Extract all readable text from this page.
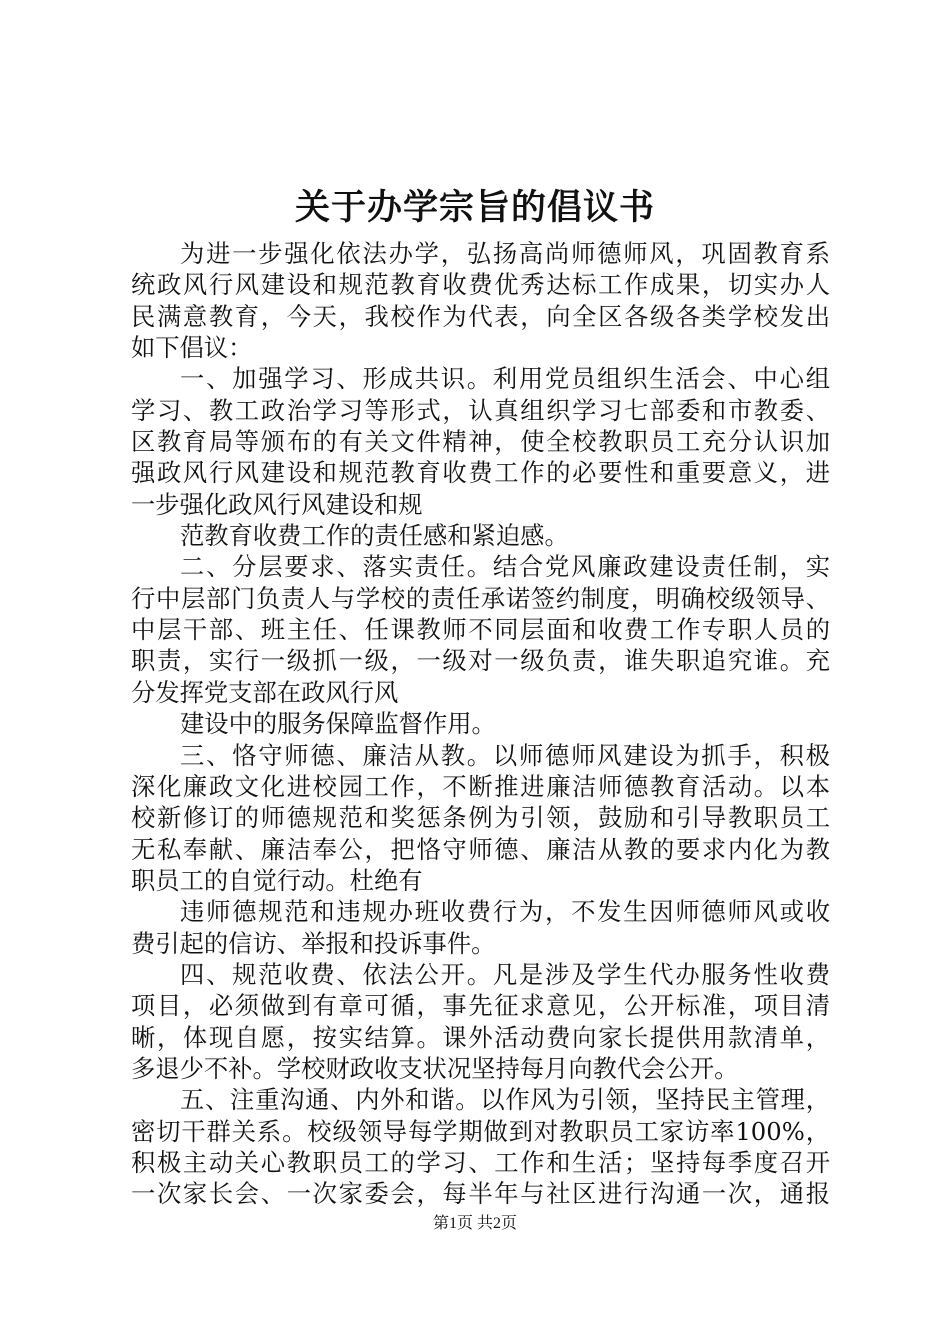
关于办学宗旨的倡议书
为进一步强化依法办学，弘扬高尚师德师风，巩固教育系
统政风行风建设和规范教育收费优秀达标工作成果，切实办人
民满意教育，今天，我校作为代表，向全区各级各类学校发出
如下倡议：
一、加强学习、形成共识。利用党员组织生活会、中心组
学习、教工政治学习等形式，认真组织学习七部委和市教委、
区教育局等颁布的有关文件精神，使全校教职员工充分认识加
强政风行风建设和规范教育收费工作的必要性和重要意义，进
一步强化政风行风建设和规
范教育收费工作的责任感和紧迫感。
二、分层要求、落实责任。结合党风廉政建设责任制，实
行中层部门负责人与学校的责任承诺签约制度，明确校级领导、
中层干部、班主任、任课教师不同层面和收费工作专职人员的
职责，实行一级抓一级，一级对一级负责，谁失职追究谁。充
分发挥党支部在政风行风
建设中的服务保障监督作用。
三、恪守师德、廉洁从教。以师德师风建设为抓手，积极
深化廉政文化进校园工作，不断推进廉洁师德教育活动。以本
校新修订的师德规范和奖惩条例为引领，鼓励和引导教职员工
无私奉献、廉洁奉公，把恪守师德、廉洁从教的要求内化为教
职员工的自觉行动。杜绝有
违师德规范和违规办班收费行为，不发生因师德师风或收
费引起的信访、举报和投诉事件。
四、规范收费、依法公开。凡是涉及学生代办服务性收费
项目，必须做到有章可循，事先征求意见，公开标准，项目清
晰，体现自愿，按实结算。课外活动费向家长提供用款清单，
多退少不补。学校财政收支状况坚持每月向教代会公开。
五、注重沟通、内外和谐。以作风为引领，坚持民主管理，
密切干群关系。校级领导每学期做到对教职员工家访率100%，
积极主动关心教职员工的学习、工作和生活；坚持每季度召开
一次家长会、一次家委会，每半年与社区进行沟通一次，通报
第1页 共2页
